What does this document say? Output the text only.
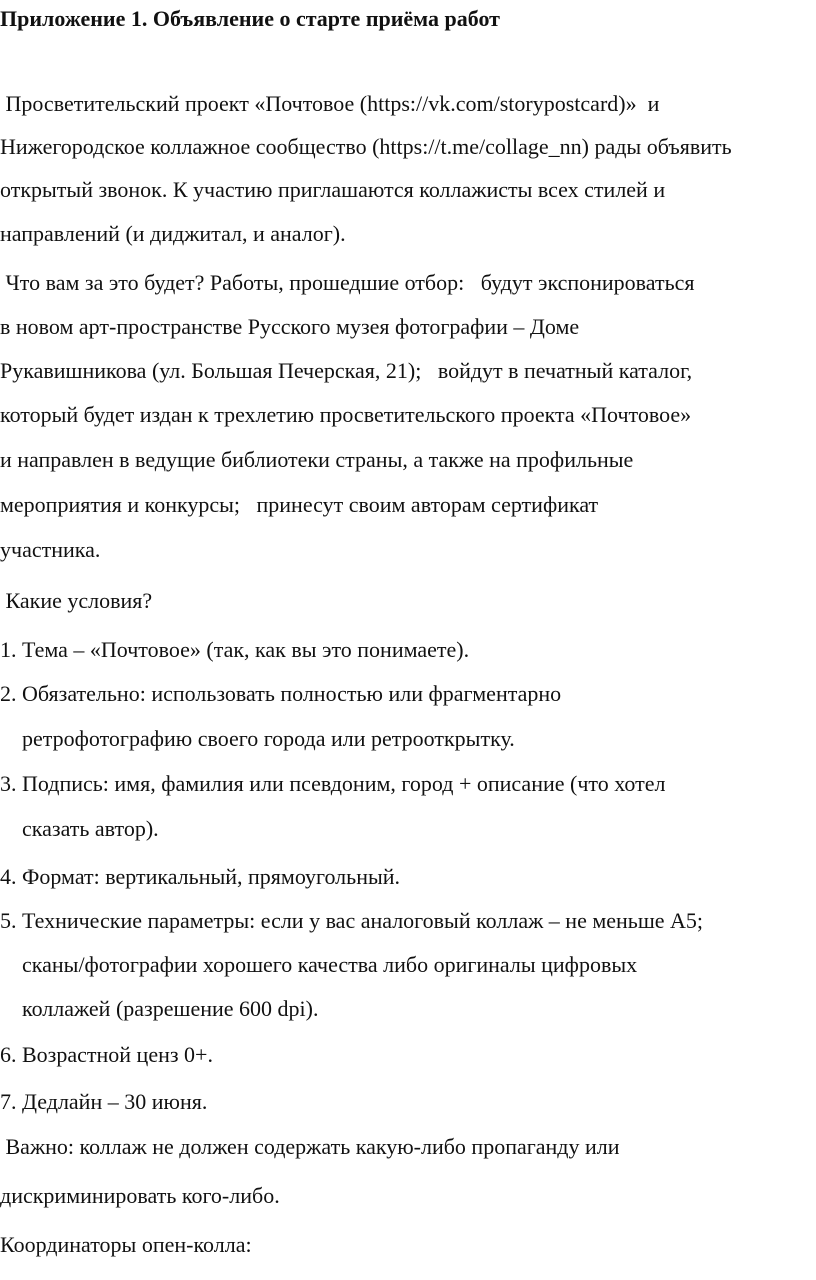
Приложение 1. Объявление о старте приёма работ
Просветительский проект «Почтовое (https://vk.com/storypostcard)»  и
Нижегородское коллажное сообщество (https://t.me/collage_nn) рады объявить
открытый звонок. К участию приглашаются коллажисты всех стилей и
направлений (и диджитал, и аналог).
Что вам за это будет? Работы, прошедшие отбор:   будут экспонироваться
в новом арт-пространстве Русского музея фотографии – Доме
Рукавишникова (ул. Большая Печерская, 21);   войдут в печатный каталог,
который будет издан к трехлетию просветительского проекта «Почтовое»
и направлен в ведущие библиотеки страны, а также на профильные
мероприятия и конкурсы;   принесут своим авторам сертификат
участника.
Какие условия?
1. Тема – «Почтовое» (так, как вы это понимаете).
2. Обязательно: использовать полностью или фрагментарно
ретрофотографию своего города или ретрооткрытку.
3. Подпись: имя, фамилия или псевдоним, город + описание (что хотел
сказать автор).
4. Формат: вертикальный, прямоугольный.
5. Технические параметры: если у вас аналоговый коллаж – не меньше А5;
сканы/фотографии хорошего качества либо оригиналы цифровых
коллажей (разрешение 600 dpi).
6. Возрастной ценз 0+.
7. Дедлайн – 30 июня.
Важно: коллаж не должен содержать какую-либо пропаганду или
дискриминировать кого-либо.
Координаторы опен-колла:
